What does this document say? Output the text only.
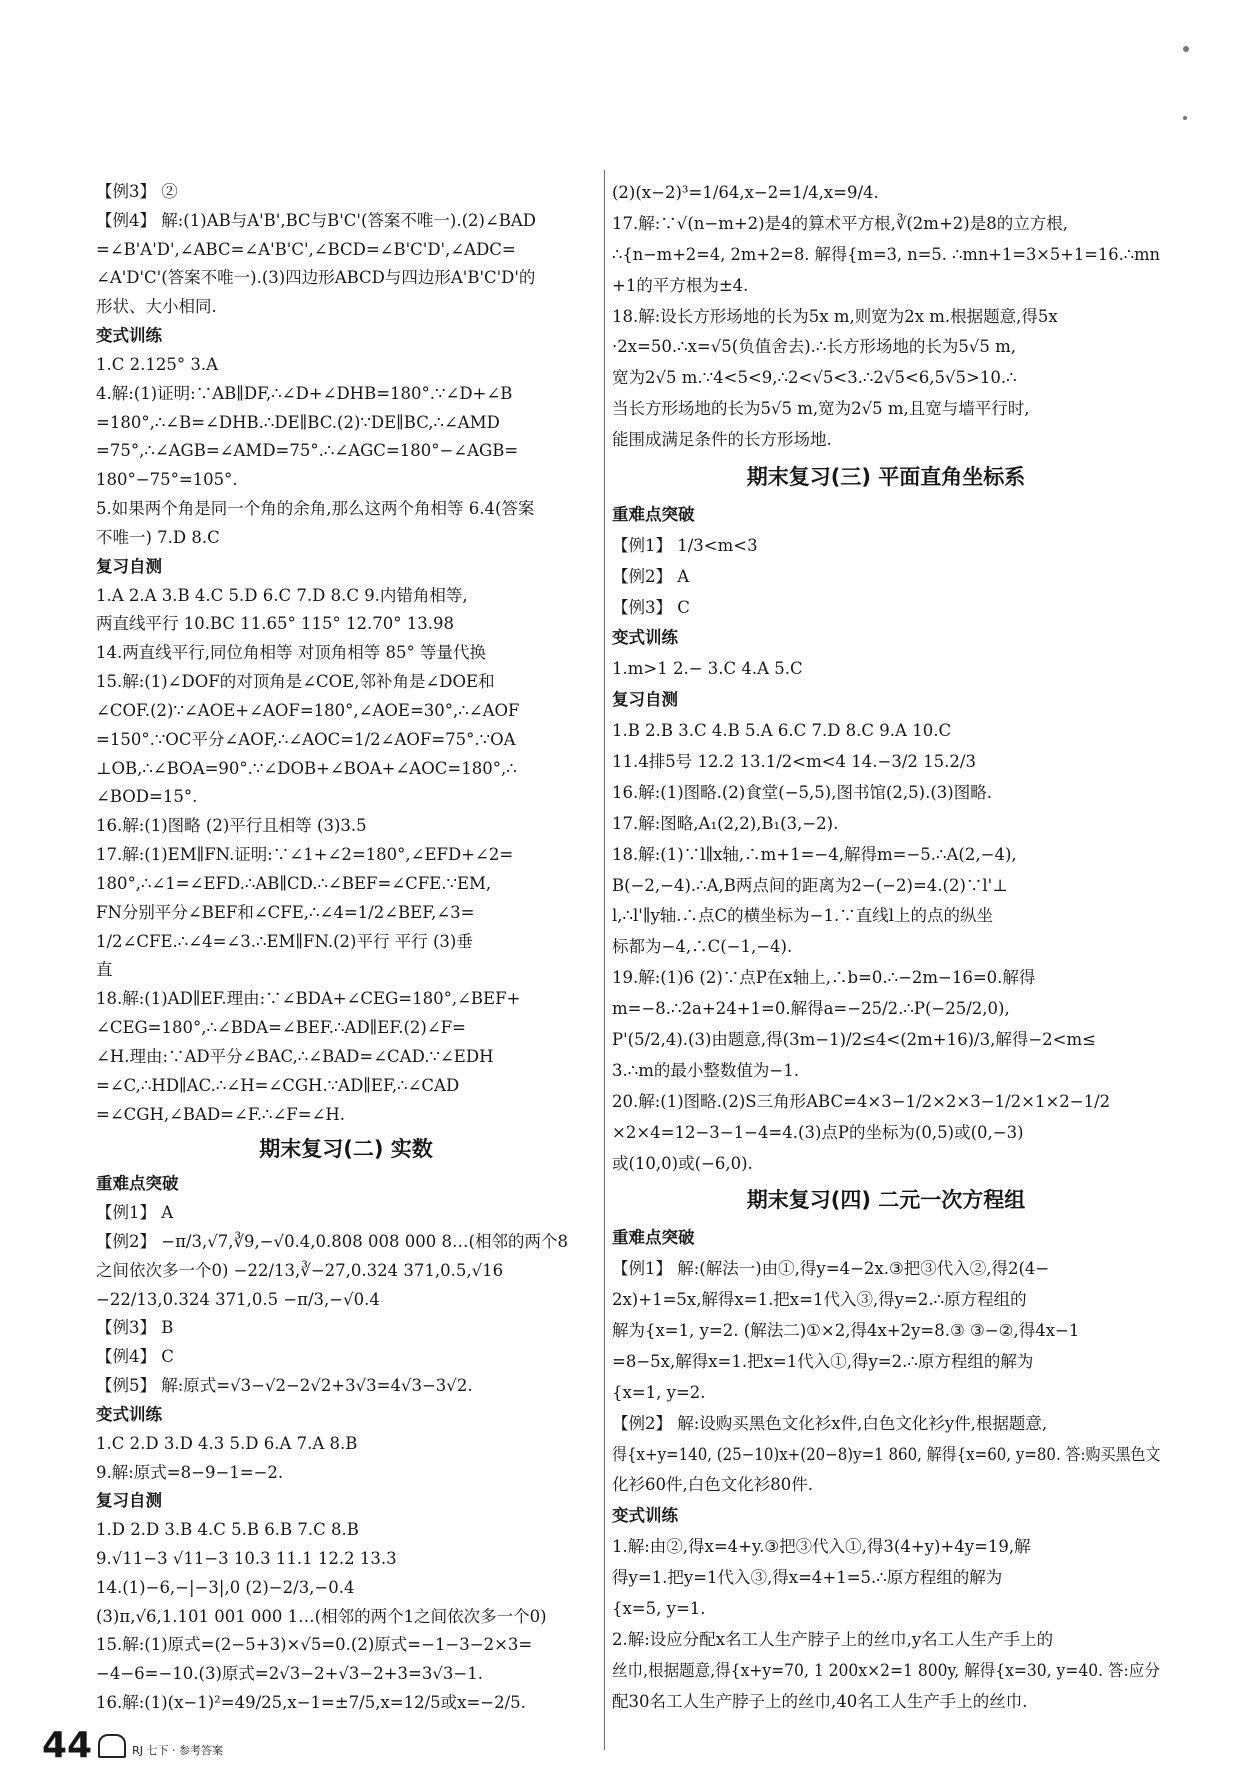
【例3】 ②
【例4】 解:(1)AB与A'B',BC与B'C'(答案不唯一).(2)∠BAD
=∠B'A'D',∠ABC=∠A'B'C',∠BCD=∠B'C'D',∠ADC=
∠A'D'C'(答案不唯一).(3)四边形ABCD与四边形A'B'C'D'的
形状、大小相同.
变式训练
1.C 2.125° 3.A
4.解:(1)证明:∵AB∥DF,∴∠D+∠DHB=180°.∵∠D+∠B
=180°,∴∠B=∠DHB.∴DE∥BC.(2)∵DE∥BC,∴∠AMD
=75°,∴∠AGB=∠AMD=75°.∴∠AGC=180°−∠AGB=
180°−75°=105°.
5.如果两个角是同一个角的余角,那么这两个角相等 6.4(答案
不唯一) 7.D 8.C
复习自测
1.A 2.A 3.B 4.C 5.D 6.C 7.D 8.C 9.内错角相等,
两直线平行 10.BC 11.65° 115° 12.70° 13.98
14.两直线平行,同位角相等 对顶角相等 85° 等量代换
15.解:(1)∠DOF的对顶角是∠COE,邻补角是∠DOE和
∠COF.(2)∵∠AOE+∠AOF=180°,∠AOE=30°,∴∠AOF
=150°.∵OC平分∠AOF,∴∠AOC=1/2∠AOF=75°.∵OA
⊥OB,∴∠BOA=90°.∵∠DOB+∠BOA+∠AOC=180°,∴
∠BOD=15°.
16.解:(1)图略 (2)平行且相等 (3)3.5
17.解:(1)EM∥FN.证明:∵∠1+∠2=180°,∠EFD+∠2=
180°,∴∠1=∠EFD.∴AB∥CD.∴∠BEF=∠CFE.∵EM,
FN分别平分∠BEF和∠CFE,∴∠4=1/2∠BEF,∠3=
1/2∠CFE.∴∠4=∠3.∴EM∥FN.(2)平行 平行 (3)垂
直
18.解:(1)AD∥EF.理由:∵∠BDA+∠CEG=180°,∠BEF+
∠CEG=180°,∴∠BDA=∠BEF.∴AD∥EF.(2)∠F=
∠H.理由:∵AD平分∠BAC,∴∠BAD=∠CAD.∵∠EDH
=∠C,∴HD∥AC.∴∠H=∠CGH.∵AD∥EF,∴∠CAD
=∠CGH,∠BAD=∠F.∴∠F=∠H.
期末复习(二) 实数
重难点突破
【例1】 A
【例2】 −π/3,√7,∛9,−√0.4,0.808 008 000 8…(相邻的两个8
之间依次多一个0) −22/13,∛−27,0.324 371,0.5,√16
−22/13,0.324 371,0.5 −π/3,−√0.4
【例3】 B
【例4】 C
【例5】 解:原式=√3−√2−2√2+3√3=4√3−3√2.
变式训练
1.C 2.D 3.D 4.3 5.D 6.A 7.A 8.B
9.解:原式=8−9−1=−2.
复习自测
1.D 2.D 3.B 4.C 5.B 6.B 7.C 8.B
9.√11−3 √11−3 10.3 11.1 12.2 13.3
14.(1)−6,−|−3|,0 (2)−2/3,−0.4
(3)π,√6,1.101 001 000 1…(相邻的两个1之间依次多一个0)
15.解:(1)原式=(2−5+3)×√5=0.(2)原式=−1−3−2×3=
−4−6=−10.(3)原式=2√3−2+√3−2+3=3√3−1.
16.解:(1)(x−1)²=49/25,x−1=±7/5,x=12/5或x=−2/5.
(2)(x−2)³=1/64,x−2=1/4,x=9/4.
17.解:∵√(n−m+2)是4的算术平方根,∛(2m+2)是8的立方根,
∴{n−m+2=4, 2m+2=8. 解得{m=3, n=5. ∴mn+1=3×5+1=16.∴mn
+1的平方根为±4.
18.解:设长方形场地的长为5x m,则宽为2x m.根据题意,得5x
·2x=50.∴x=√5(负值舍去).∴长方形场地的长为5√5 m,
宽为2√5 m.∵4<5<9,∴2<√5<3.∴2√5<6,5√5>10.∴
当长方形场地的长为5√5 m,宽为2√5 m,且宽与墙平行时,
能围成满足条件的长方形场地.
期末复习(三) 平面直角坐标系
重难点突破
【例1】 1/3<m<3
【例2】 A
【例3】 C
变式训练
1.m>1 2.− 3.C 4.A 5.C
复习自测
1.B 2.B 3.C 4.B 5.A 6.C 7.D 8.C 9.A 10.C
11.4排5号 12.2 13.1/2<m<4 14.−3/2 15.2/3
16.解:(1)图略.(2)食堂(−5,5),图书馆(2,5).(3)图略.
17.解:图略,A₁(2,2),B₁(3,−2).
18.解:(1)∵l∥x轴,∴m+1=−4,解得m=−5.∴A(2,−4),
B(−2,−4).∴A,B两点间的距离为2−(−2)=4.(2)∵l'⊥
l,∴l'∥y轴.∴点C的横坐标为−1.∵直线l上的点的纵坐
标都为−4,∴C(−1,−4).
19.解:(1)6 (2)∵点P在x轴上,∴b=0.∴−2m−16=0.解得
m=−8.∴2a+24+1=0.解得a=−25/2.∴P(−25/2,0),
P'(5/2,4).(3)由题意,得(3m−1)/2≤4<(2m+16)/3,解得−2<m≤
3.∴m的最小整数值为−1.
20.解:(1)图略.(2)S三角形ABC=4×3−1/2×2×3−1/2×1×2−1/2
×2×4=12−3−1−4=4.(3)点P的坐标为(0,5)或(0,−3)
或(10,0)或(−6,0).
期末复习(四) 二元一次方程组
重难点突破
【例1】 解:(解法一)由①,得y=4−2x.③把③代入②,得2(4−
2x)+1=5x,解得x=1.把x=1代入③,得y=2.∴原方程组的
解为{x=1, y=2. (解法二)①×2,得4x+2y=8.③ ③−②,得4x−1
=8−5x,解得x=1.把x=1代入①,得y=2.∴原方程组的解为
{x=1, y=2.
【例2】 解:设购买黑色文化衫x件,白色文化衫y件,根据题意,
得{x+y=140, (25−10)x+(20−8)y=1 860, 解得{x=60, y=80. 答:购买黑色文
化衫60件,白色文化衫80件.
变式训练
1.解:由②,得x=4+y.③把③代入①,得3(4+y)+4y=19,解
得y=1.把y=1代入③,得x=4+1=5.∴原方程组的解为
{x=5, y=1.
2.解:设应分配x名工人生产脖子上的丝巾,y名工人生产手上的
丝巾,根据题意,得{x+y=70, 1 200x×2=1 800y, 解得{x=30, y=40. 答:应分
配30名工人生产脖子上的丝巾,40名工人生产手上的丝巾.
44	RJ 七下 · 参考答案
